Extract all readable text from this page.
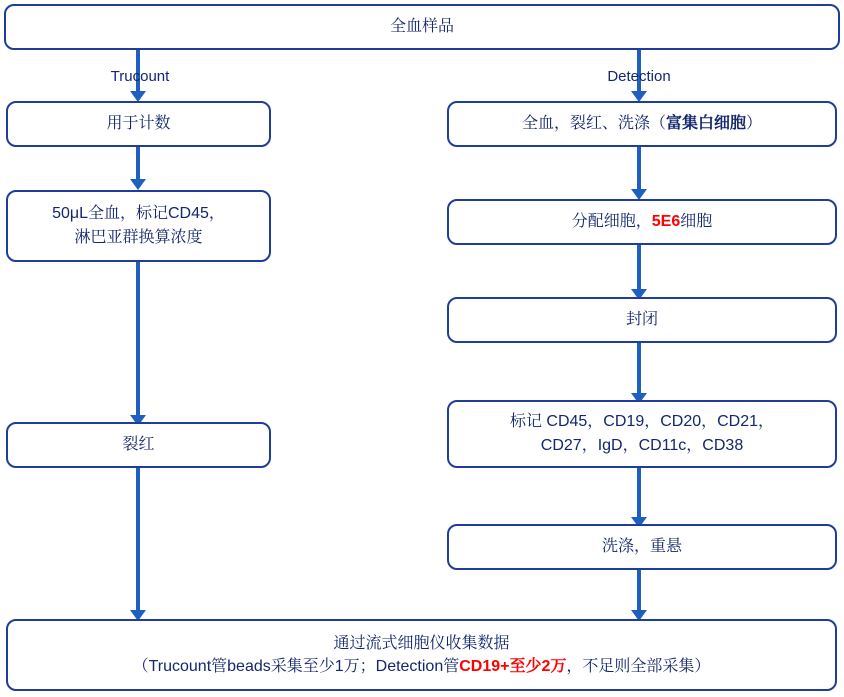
全血样品
Trucount	Detection
用于计数
50μL全血，标记CD45，
淋巴亚群换算浓度
裂红
全血，裂红、洗涤（富集白细胞）
分配细胞，5E6细胞
封闭
标记 CD45，CD19，CD20，CD21，
CD27，IgD，CD11c，CD38
洗涤，重悬
通过流式细胞仪收集数据
（Trucount管beads采集至少1万；Detection管CD19+至少2万，不足则全部采集）
